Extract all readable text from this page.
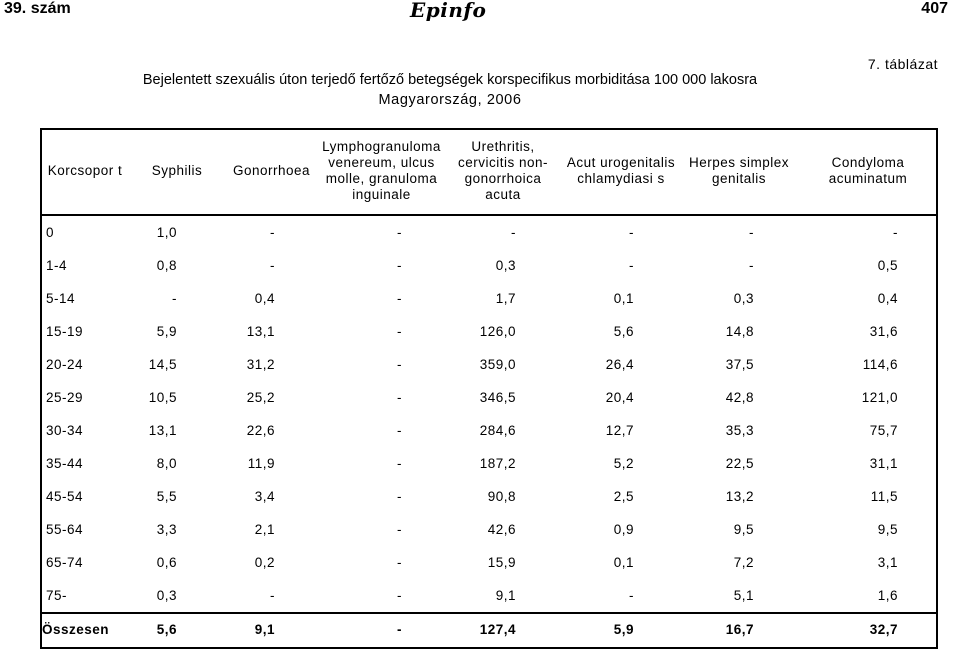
39. szám	Epinfo	407
7. táblázat
Bejelentett szexuális úton terjedő fertőző betegségek korspecifikus morbiditása 100 000 lakosra
Magyarország, 2006
Korcsopor t	Syphilis	Gonorrhoea	Lymphogranuloma venereum, ulcus molle, granuloma inguinale	Urethritis, cervicitis non-gonorrhoica acuta	Acut urogenitalis chlamydiasi s	Herpes simplex genitalis	Condyloma acuminatum
0	1,0	-	-	-	-	-	-
1-4	0,8	-	-	0,3	-	-	0,5
5-14	-	0,4	-	1,7	0,1	0,3	0,4
15-19	5,9	13,1	-	126,0	5,6	14,8	31,6
20-24	14,5	31,2	-	359,0	26,4	37,5	114,6
25-29	10,5	25,2	-	346,5	20,4	42,8	121,0
30-34	13,1	22,6	-	284,6	12,7	35,3	75,7
35-44	8,0	11,9	-	187,2	5,2	22,5	31,1
45-54	5,5	3,4	-	90,8	2,5	13,2	11,5
55-64	3,3	2,1	-	42,6	0,9	9,5	9,5
65-74	0,6	0,2	-	15,9	0,1	7,2	3,1
75-	0,3	-	-	9,1	-	5,1	1,6
Összesen	5,6	9,1	-	127,4	5,9	16,7	32,7
